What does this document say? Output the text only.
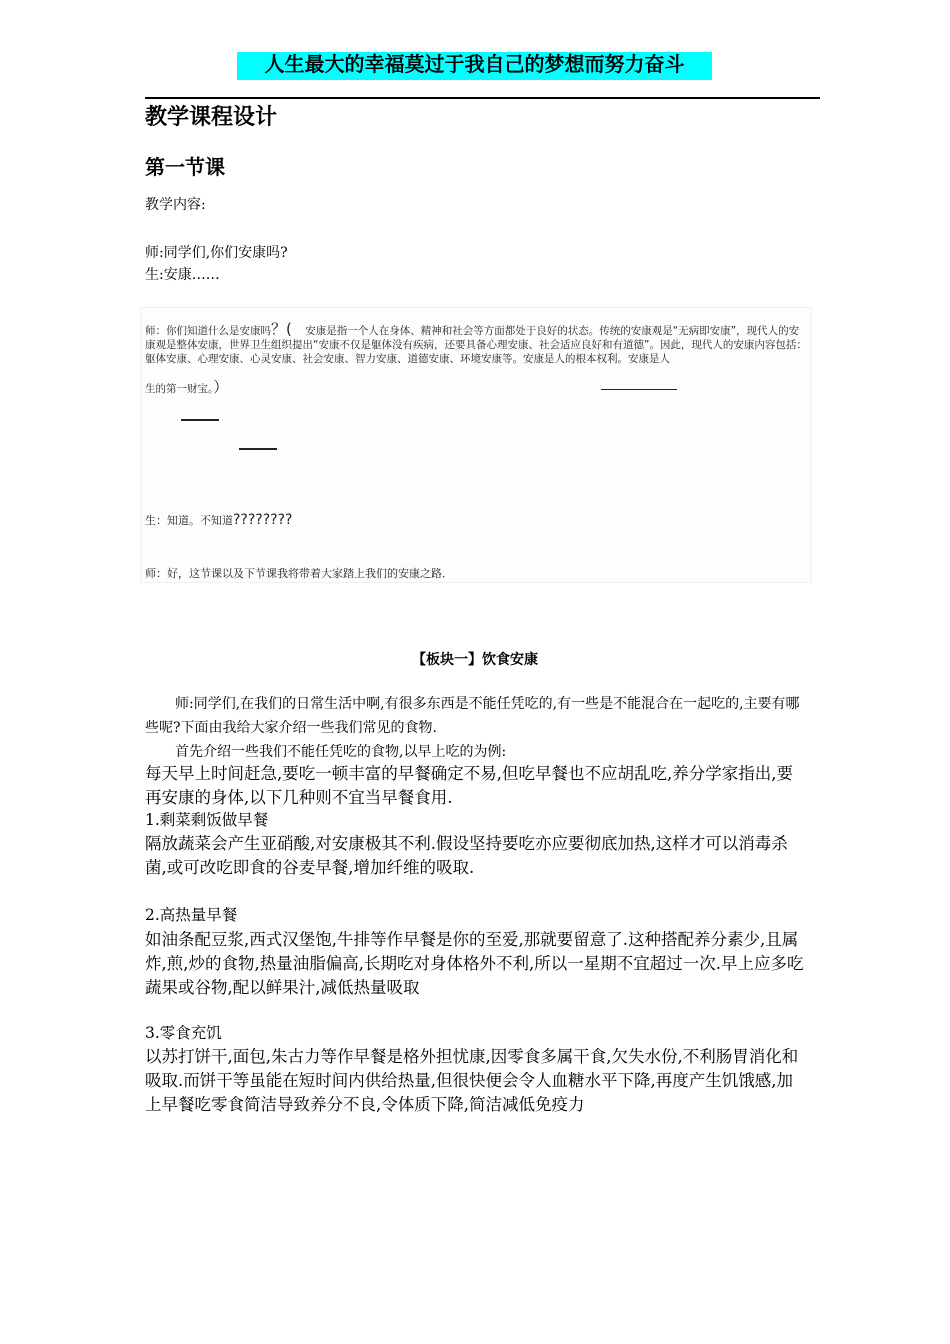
人生最大的幸福莫过于我自己的梦想而努力奋斗
教学课程设计
第一节课
教学内容:
师:同学们,你们安康吗?
生:安康……
师：你们知道什么是安康吗？( 安康是指一个人在身体、精神和社会等方面都处于良好的状态。传统的安康观是“无病即安康”，现代人的安康观是整体安康，世界卫生组织提出“安康不仅是躯体没有疾病，还要具备心理安康、社会适应良好和有道德”。因此，现代人的安康内容包括：躯体安康、心理安康、心灵安康、社会安康、智力安康、道德安康、环境安康等。安康是人的根本权利。安康是人

生的第一财宝。）
生：知道。不知道????????
师：好，这节课以及下节课我将带着大家踏上我们的安康之路．
【板块一】饮食安康
师:同学们,在我们的日常生活中啊,有很多东西是不能任凭吃的,有一些是不能混合在一起吃的,主要有哪些呢?下面由我给大家介绍一些我们常见的食物.
首先介绍一些我们不能任凭吃的食物,以早上吃的为例:
每天早上时间赶急,要吃一顿丰富的早餐确定不易,但吃早餐也不应胡乱吃,养分学家指出,要再安康的身体,以下几种则不宜当早餐食用.
1.剩菜剩饭做早餐
隔放蔬菜会产生亚硝酸,对安康极其不利.假设坚持要吃亦应要彻底加热,这样才可以消毒杀菌,或可改吃即食的谷麦早餐,增加纤维的吸取.
2.高热量早餐
如油条配豆浆,西式汉堡饱,牛排等作早餐是你的至爱,那就要留意了.这种搭配养分素少,且属炸,煎,炒的食物,热量油脂偏高,长期吃对身体格外不利,所以一星期不宜超过一次.早上应多吃蔬果或谷物,配以鲜果汁,减低热量吸取
3.零食充饥
以苏打饼干,面包,朱古力等作早餐是格外担忧康,因零食多属干食,欠失水份,不利肠胃消化和吸取.而饼干等虽能在短时间内供给热量,但很快便会令人血糖水平下降,再度产生饥饿感,加上早餐吃零食简洁导致养分不良,令体质下降,简洁减低免疫力
